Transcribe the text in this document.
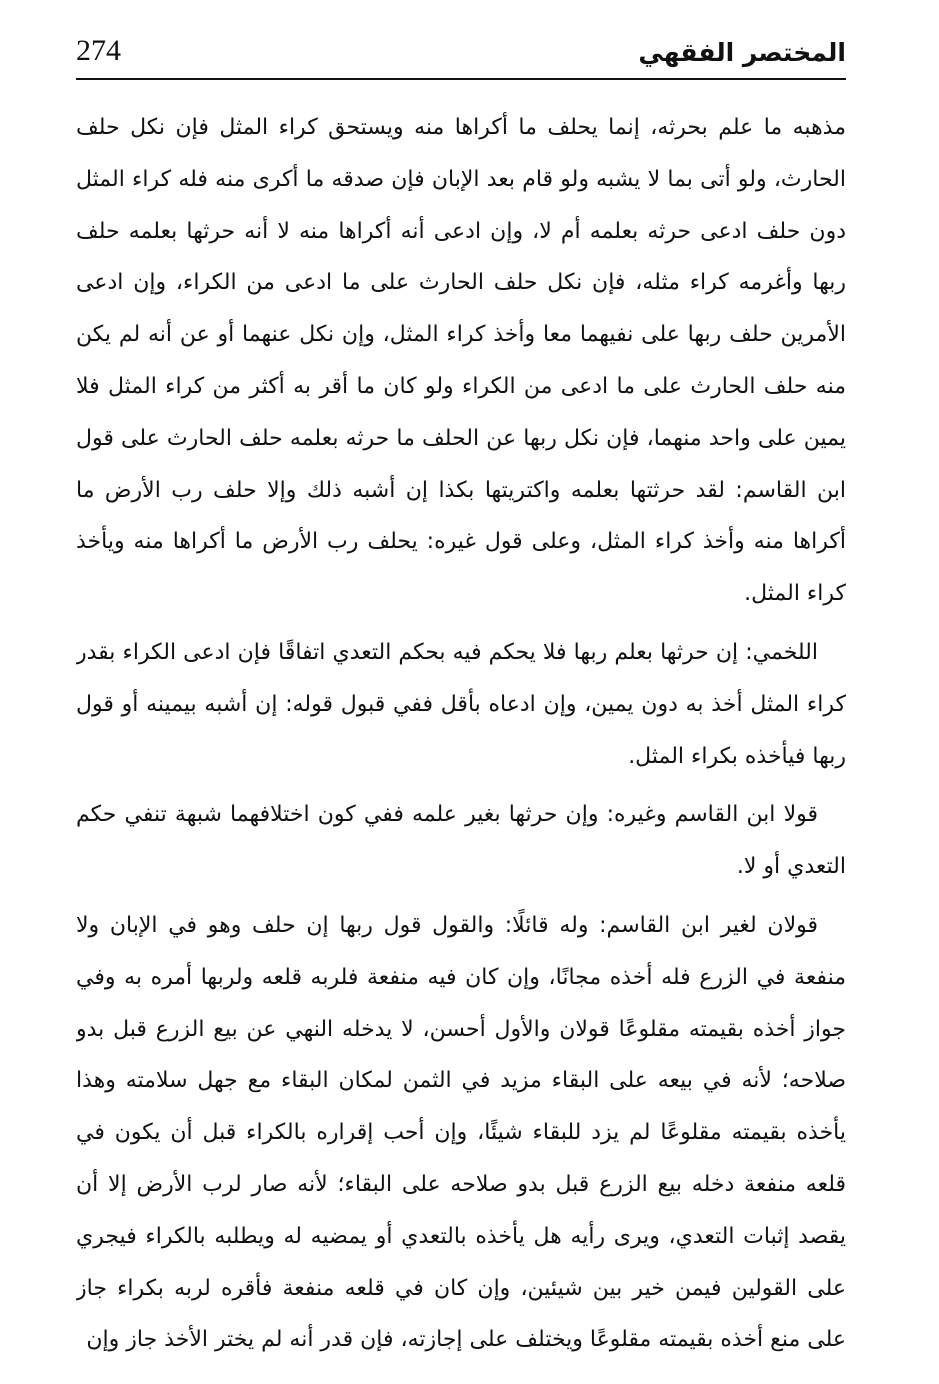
274	المختصر الفقهي

مذهبه ما علم بحرثه، إنما يحلف ما أكراها منه ويستحق كراء المثل فإن نكل حلف الحارث، ولو أتى بما لا يشبه ولو قام بعد الإبان فإن صدقه ما أكرى منه فله كراء المثل دون حلف ادعى حرثه بعلمه أم لا، وإن ادعى أنه أكراها منه لا أنه حرثها بعلمه حلف ربها وأغرمه كراء مثله، فإن نكل حلف الحارث على ما ادعى من الكراء، وإن ادعى الأمرين حلف ربها على نفيهما معا وأخذ كراء المثل، وإن نكل عنهما أو عن أنه لم يكن منه حلف الحارث على ما ادعى من الكراء ولو كان ما أقر به أكثر من كراء المثل فلا يمين على واحد منهما، فإن نكل ربها عن الحلف ما حرثه بعلمه حلف الحارث على قول ابن القاسم: لقد حرثتها بعلمه واكتريتها بكذا إن أشبه ذلك وإلا حلف رب الأرض ما أكراها منه وأخذ كراء المثل، وعلى قول غيره: يحلف رب الأرض ما أكراها منه ويأخذ كراء المثل.

اللخمي: إن حرثها بعلم ربها فلا يحكم فيه بحكم التعدي اتفاقًا فإن ادعى الكراء بقدر كراء المثل أخذ به دون يمين، وإن ادعاه بأقل ففي قبول قوله: إن أشبه بيمينه أو قول ربها فيأخذه بكراء المثل.

قولا ابن القاسم وغيره: وإن حرثها بغير علمه ففي كون اختلافهما شبهة تنفي حكم التعدي أو لا.

قولان لغير ابن القاسم: وله قائلًا: والقول قول ربها إن حلف وهو في الإبان ولا منفعة في الزرع فله أخذه مجانًا، وإن كان فيه منفعة فلربه قلعه ولربها أمره به وفي جواز أخذه بقيمته مقلوعًا قولان والأول أحسن، لا يدخله النهي عن بيع الزرع قبل بدو صلاحه؛ لأنه في بيعه على البقاء مزيد في الثمن لمكان البقاء مع جهل سلامته وهذا يأخذه بقيمته مقلوعًا لم يزد للبقاء شيئًا، وإن أحب إقراره بالكراء قبل أن يكون في قلعه منفعة دخله بيع الزرع قبل بدو صلاحه على البقاء؛ لأنه صار لرب الأرض إلا أن يقصد إثبات التعدي، ويرى رأيه هل يأخذه بالتعدي أو يمضيه له ويطلبه بالكراء فيجري على القولين فيمن خير بين شيئين، وإن كان في قلعه منفعة فأقره لربه بكراء جاز على منع أخذه بقيمته مقلوعًا ويختلف على إجازته، فإن قدر أنه لم يختر الأخذ جاز وإن
